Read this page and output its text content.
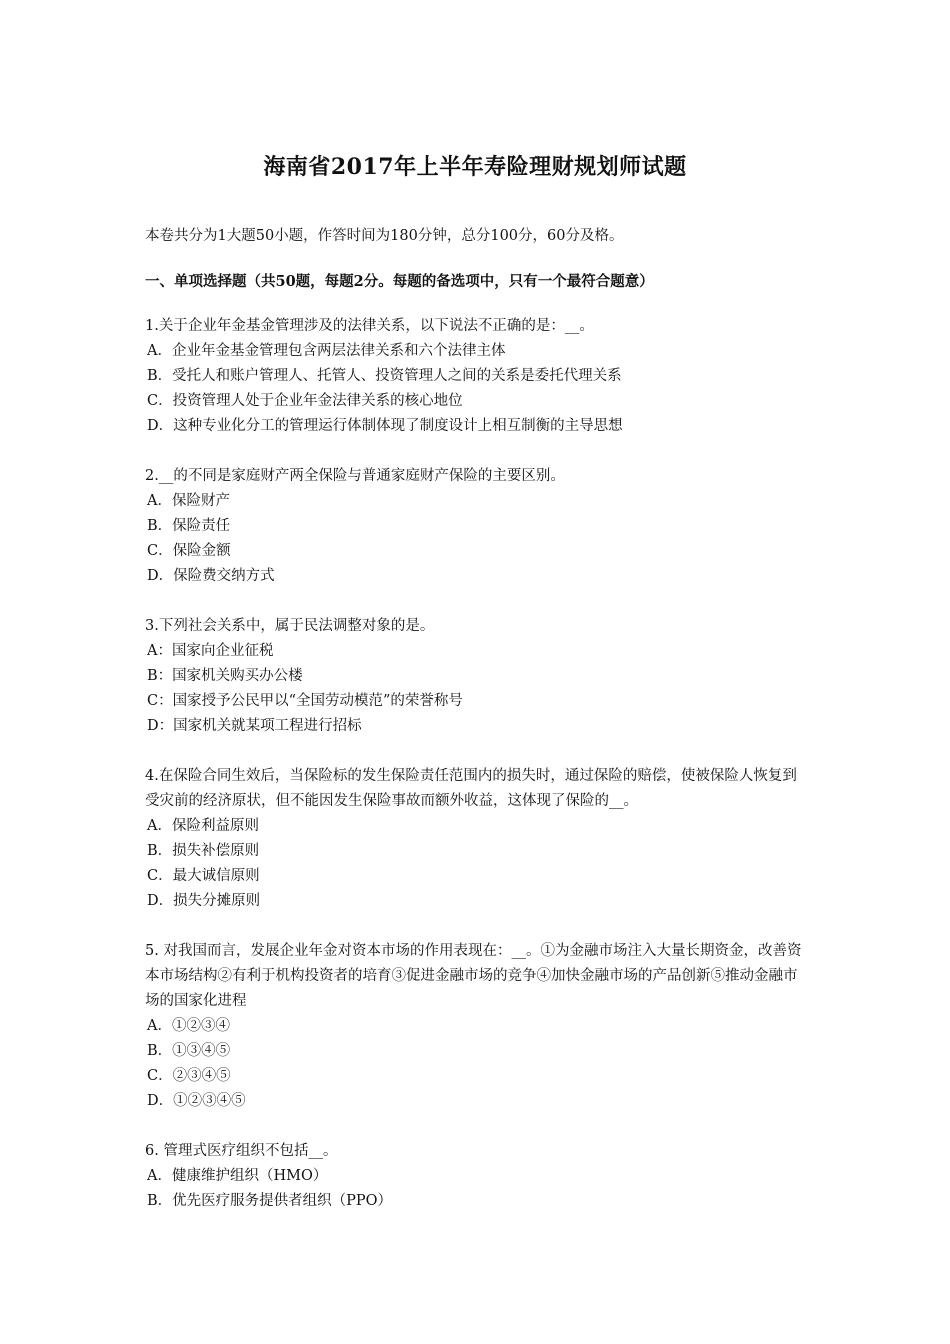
海南省2017年上半年寿险理财规划师试题

本卷共分为1大题50小题，作答时间为180分钟，总分100分，60分及格。

一、单项选择题（共50题，每题2分。每题的备选项中，只有一个最符合题意）

1.关于企业年金基金管理涉及的法律关系，以下说法不正确的是：__。

A．企业年金基金管理包含两层法律关系和六个法律主体

B．受托人和账户管理人、托管人、投资管理人之间的关系是委托代理关系

C．投资管理人处于企业年金法律关系的核心地位

D．这种专业化分工的管理运行体制体现了制度设计上相互制衡的主导思想

2.__的不同是家庭财产两全保险与普通家庭财产保险的主要区别。

A．保险财产

B．保险责任

C．保险金额

D．保险费交纳方式

3.下列社会关系中，属于民法调整对象的是。

A：国家向企业征税

B：国家机关购买办公楼

C：国家授予公民甲以“全国劳动模范”的荣誉称号

D：国家机关就某项工程进行招标

4.在保险合同生效后，当保险标的发生保险责任范围内的损失时，通过保险的赔偿，使被保险人恢复到受灾前的经济原状，但不能因发生保险事故而额外收益，这体现了保险的__。

A．保险利益原则

B．损失补偿原则

C．最大诚信原则

D．损失分摊原则

5. 对我国而言，发展企业年金对资本市场的作用表现在：__。①为金融市场注入大量长期资金，改善资本市场结构②有利于机构投资者的培育③促进金融市场的竞争④加快金融市场的产品创新⑤推动金融市场的国家化进程

A．①②③④

B．①③④⑤

C．②③④⑤

D．①②③④⑤

6. 管理式医疗组织不包括__。

A．健康维护组织（HMO）

B．优先医疗服务提供者组织（PPO）
